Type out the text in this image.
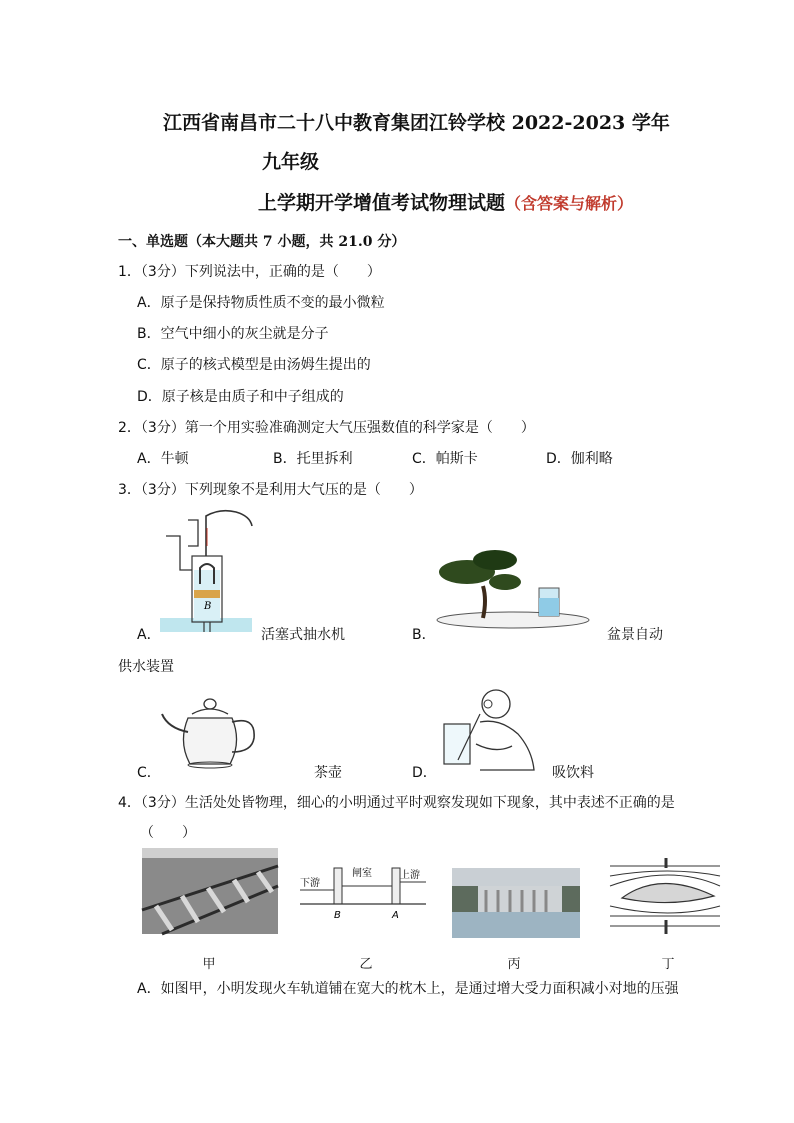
江西省南昌市二十八中教育集团江铃学校 2022-2023 学年
九年级
上学期开学增值考试物理试题（含答案与解析）
一、单选题（本大题共 7 小题，共 21.0 分）
1．（3分）下列说法中，正确的是（　　）
A．原子是保持物质性质不变的最小微粒
B．空气中细小的灰尘就是分子
C．原子的核式模型是由汤姆生提出的
D．原子核是由质子和中子组成的
2．（3分）第一个用实验准确测定大气压强数值的科学家是（　　）
A．牛顿	B．托里拆利	C．帕斯卡	D．伽利略
3．（3分）下列现象不是利用大气压的是（　　）
B
A．	活塞式抽水机	B．	盆景自动
供水装置
C．	茶壶	D．	吸饮料
4．（3分）生活处处皆物理，细心的小明通过平时观察发现如下现象，其中表述不正确的是
（　　）
甲
下游
闸室	上游
B	A
乙	丙	丁
A．如图甲，小明发现火车轨道铺在宽大的枕木上，是通过增大受力面积减小对地的压强
